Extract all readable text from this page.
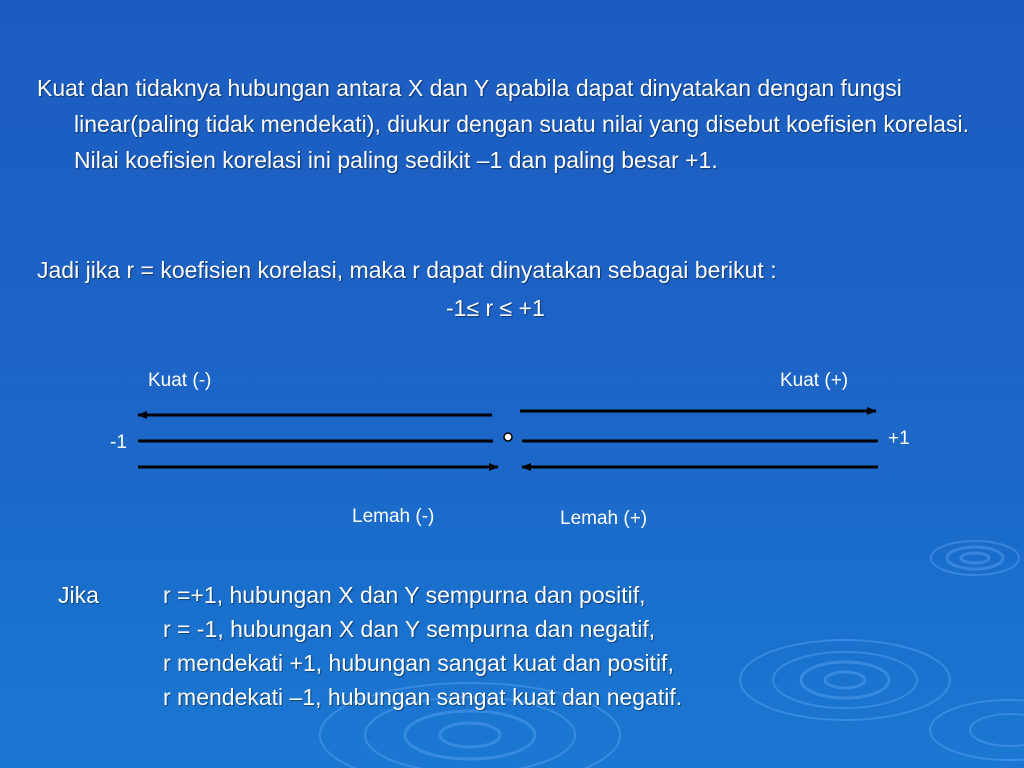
Kuat dan tidaknya hubungan antara X dan Y apabila dapat dinyatakan dengan fungsi linear(paling tidak mendekati), diukur dengan suatu nilai yang disebut koefisien korelasi. Nilai koefisien korelasi ini paling sedikit –1 dan paling besar +1.
Jadi jika r = koefisien korelasi, maka r dapat dinyatakan sebagai berikut :
-1≤ r ≤ +1
Kuat (-)	Kuat (+)
-1	+1
Lemah (-)	Lemah (+)
Jika	r =+1, hubungan X dan Y sempurna dan positif,
r = -1, hubungan X dan Y sempurna dan negatif,
r mendekati +1, hubungan sangat kuat dan positif,
r mendekati –1, hubungan sangat kuat dan negatif.
